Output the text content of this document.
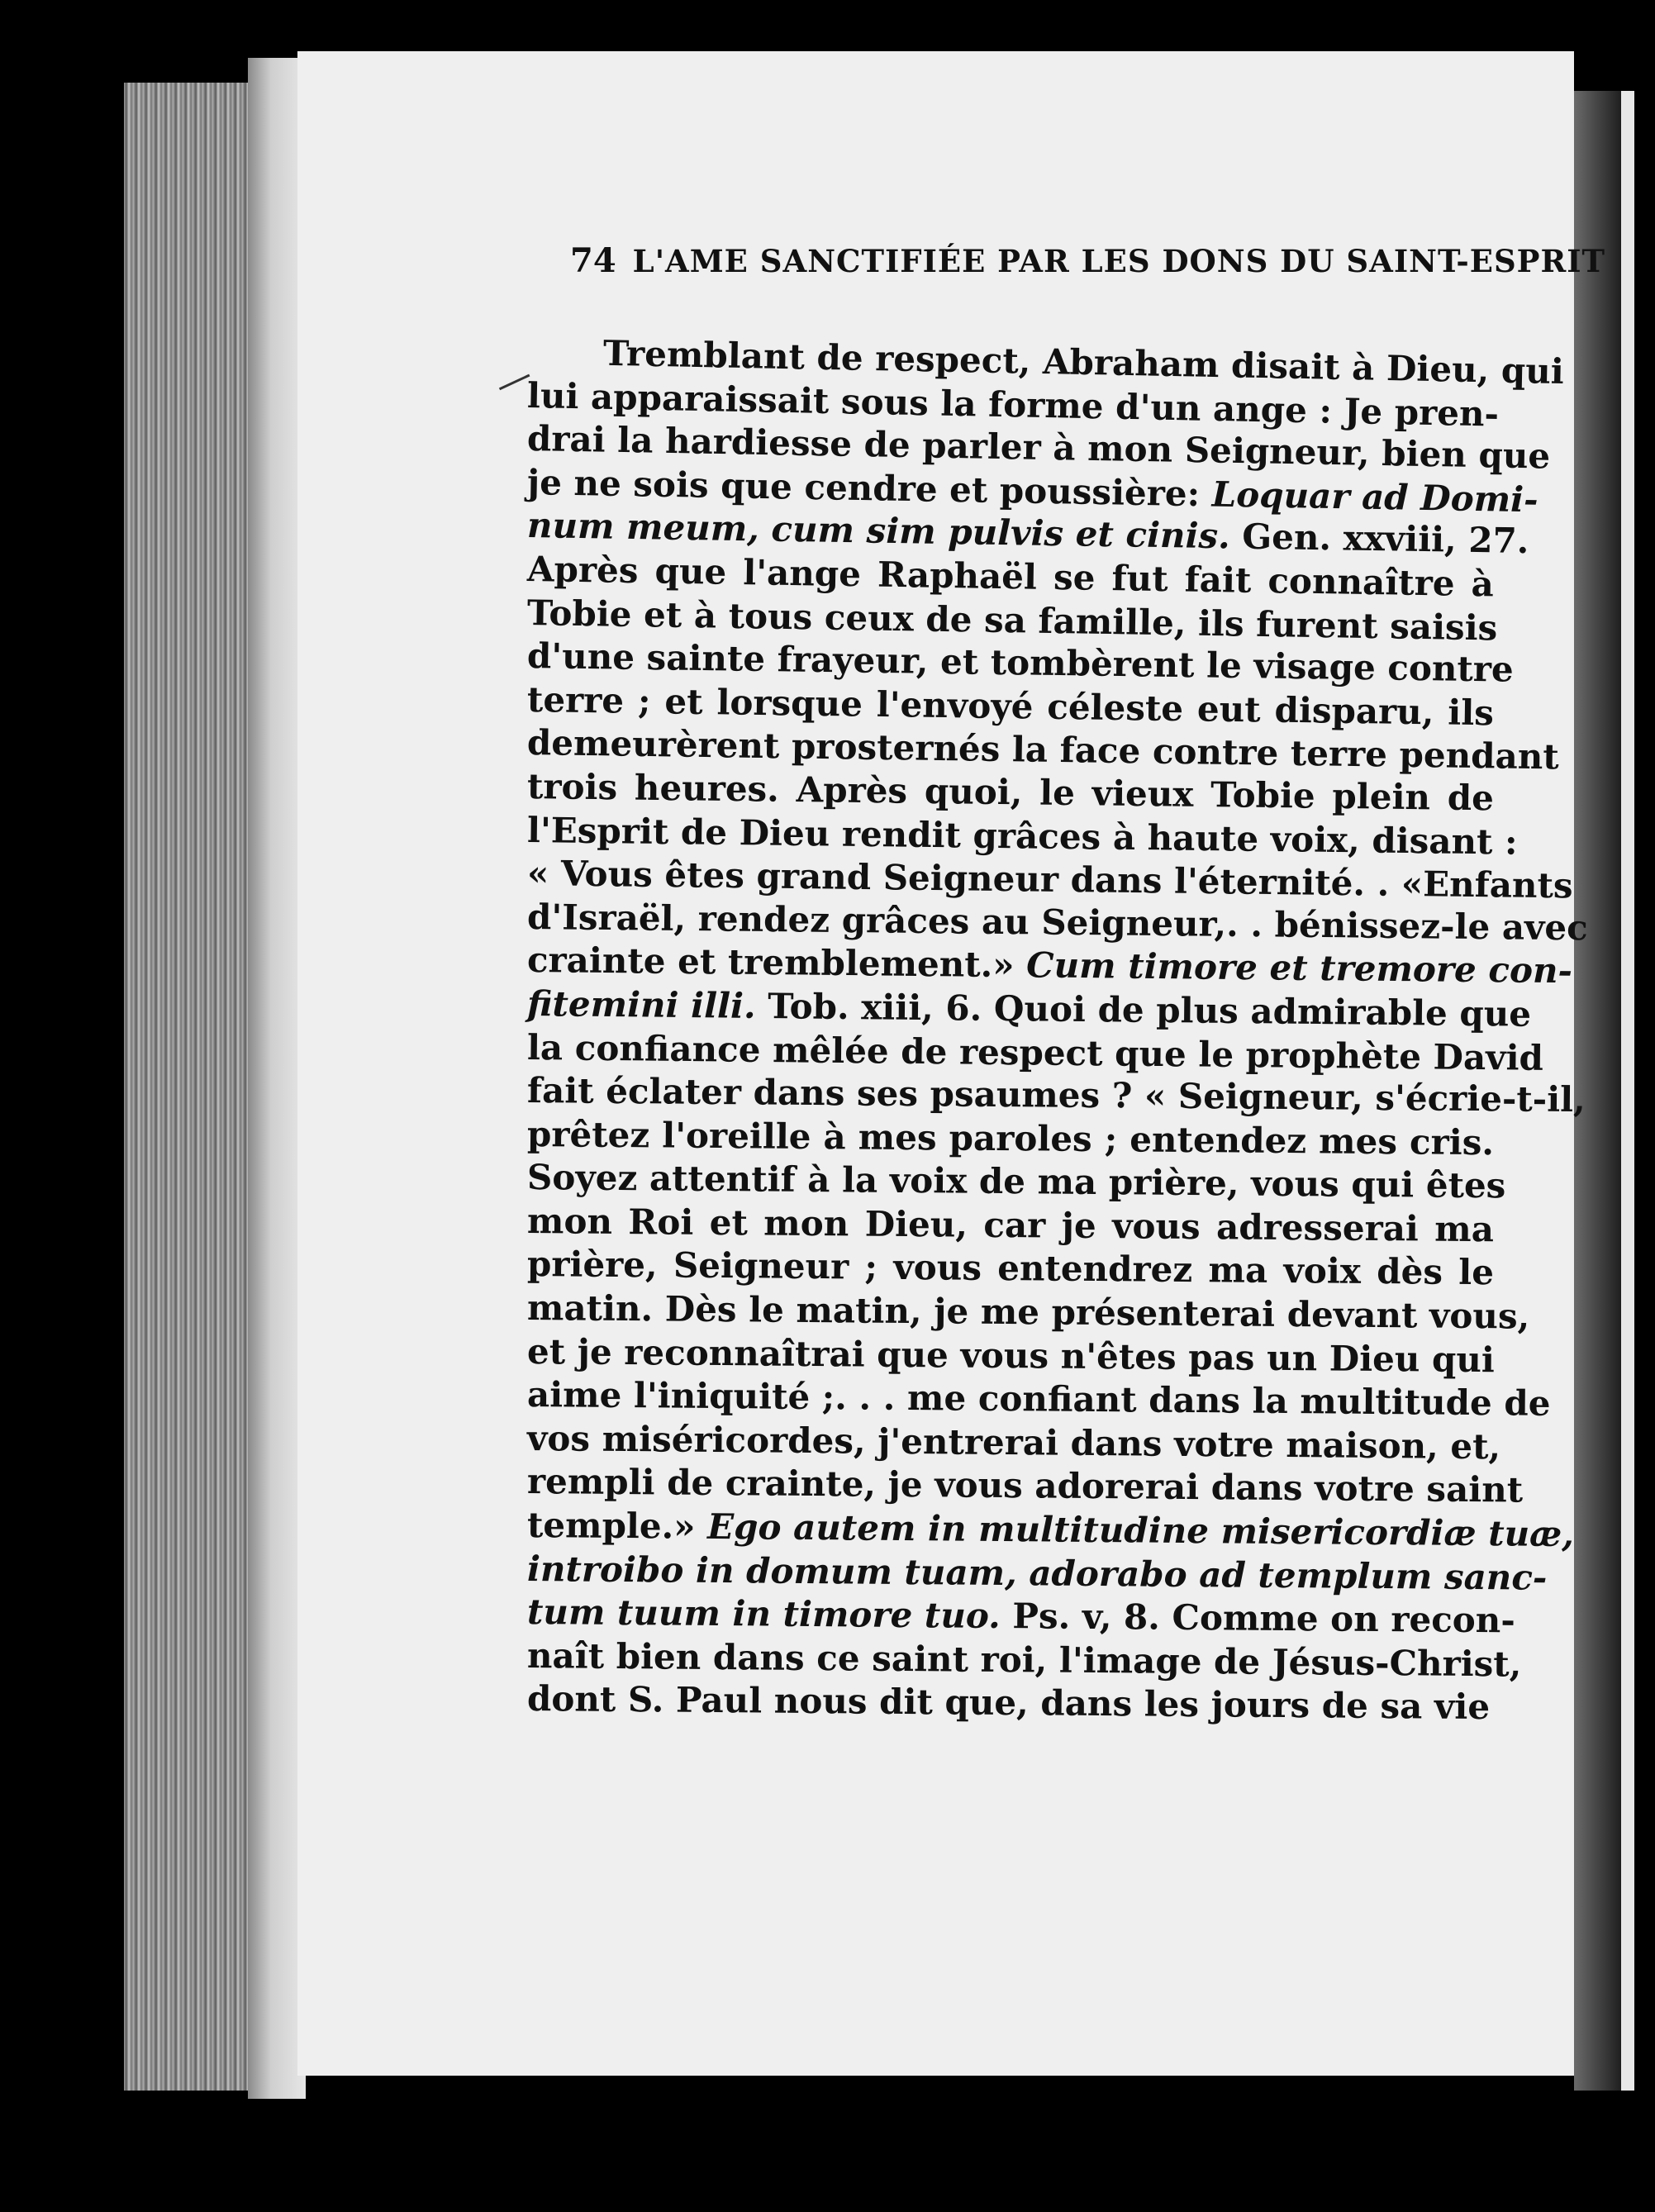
74 L'AME SANCTIFIÉE PAR LES DONS DU SAINT-ESPRIT
Tremblant de respect, Abraham disait à Dieu, qui
lui apparaissait sous la forme d'un ange : Je pren-
drai la hardiesse de parler à mon Seigneur, bien que
je ne sois que cendre et poussière: Loquar ad Domi-
num meum, cum sim pulvis et cinis. Gen. xxviii, 27.
Après que l'ange Raphaël se fut fait connaître à
Tobie et à tous ceux de sa famille, ils furent saisis
d'une sainte frayeur, et tombèrent le visage contre
terre ; et lorsque l'envoyé céleste eut disparu, ils
demeurèrent prosternés la face contre terre pendant
trois heures. Après quoi, le vieux Tobie plein de
l'Esprit de Dieu rendit grâces à haute voix, disant :
« Vous êtes grand Seigneur dans l'éternité. . «Enfants
d'Israël, rendez grâces au Seigneur,. . bénissez-le avec
crainte et tremblement.» Cum timore et tremore con-
fitemini illi. Tob. xiii, 6. Quoi de plus admirable que
la confiance mêlée de respect que le prophète David
fait éclater dans ses psaumes ? « Seigneur, s'écrie-t-il,
prêtez l'oreille à mes paroles ; entendez mes cris.
Soyez attentif à la voix de ma prière, vous qui êtes
mon Roi et mon Dieu, car je vous adresserai ma
prière, Seigneur ; vous entendrez ma voix dès le
matin. Dès le matin, je me présenterai devant vous,
et je reconnaîtrai que vous n'êtes pas un Dieu qui
aime l'iniquité ;. . . me confiant dans la multitude de
vos miséricordes, j'entrerai dans votre maison, et,
rempli de crainte, je vous adorerai dans votre saint
temple.» Ego autem in multitudine misericordiæ tuæ,
introibo in domum tuam, adorabo ad templum sanc-
tum tuum in timore tuo. Ps. v, 8. Comme on recon-
naît bien dans ce saint roi, l'image de Jésus-Christ,
dont S. Paul nous dit que, dans les jours de sa vie
